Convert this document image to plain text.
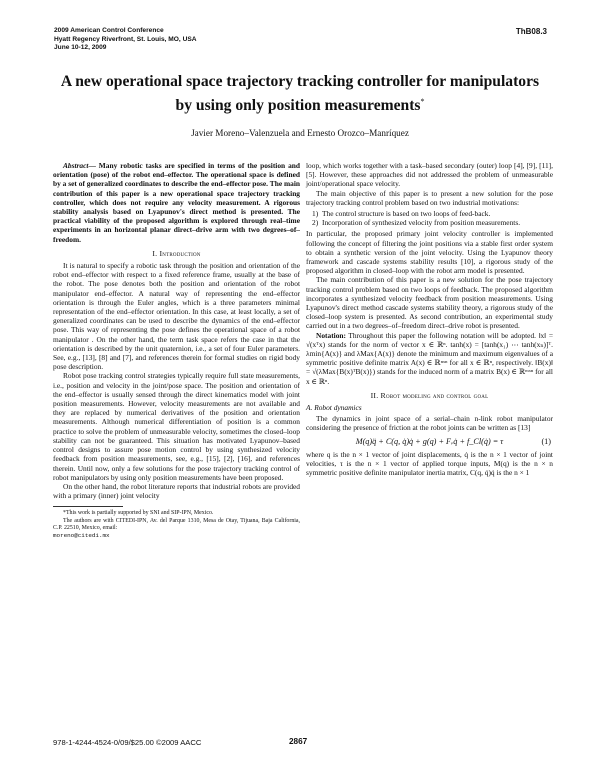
2009 American Control Conference
Hyatt Regency Riverfront, St. Louis, MO, USA
June 10-12, 2009
ThB08.3
A new operational space trajectory tracking controller for manipulators
by using only position measurements*
Javier Moreno–Valenzuela and Ernesto Orozco–Manríquez

Abstract— Many robotic tasks are specified in terms of the position and orientation (pose) of the robot end–effector. The operational space is defined by a set of generalized coordinates to describe the end–effector pose. The main contribution of this paper is a new operational space trajectory tracking controller, which does not require any velocity measurement. A rigorous stability analysis based on Lyapunov's direct method is presented. The practical viability of the proposed algorithm is explored through real–time experiments in an horizontal planar direct–drive arm with two degrees–of–freedom.

I. Introduction

It is natural to specify a robotic task through the position and orientation of the robot end–effector with respect to a fixed reference frame, usually at the base of the robot. The pose denotes both the position and orientation of the robot manipulator end–effector. A natural way of representing the end–effector orientation is through the Euler angles, which is a three parameters minimal representation of the end–effector orientation. In this case, at least locally, a set of generalized coordinates can be used to describe the dynamics of the end–effector pose. This way of representing the pose defines the operational space of a robot manipulator . On the other hand, the term task space refers the case in that the orientation is described by the unit quaternion, i.e., a set of four Euler parameters. See, e.g., [13], [8] and [7], and references therein for formal studies on rigid body pose description.

Robot pose tracking control strategies typically require full state measurements, i.e., position and velocity in the joint/pose space. The position and orientation of the end–effector is usually sensed through the direct kinematics model with joint position measurements. However, velocity measurements are not available and they are replaced by numerical derivatives of the position and orientation measurements. Although numerical differentiation of position is a common practice to solve the problem of unmeasurable velocity, sometimes the closed–loop stability can not be guaranteed. This situation has motivated Lyapunov–based control designs to assure pose motion control by using synthesized velocity feedback from position measurements, see, e.g., [15], [2], [16], and references therein. Until now, only a few solutions for the pose trajectory tracking control of robot manipulators by using only position measurements have been proposed.

On the other hand, the robot literature reports that industrial robots are provided with a primary (inner) joint velocity

*This work is partially supported by SNI and SIP-IPN, Mexico.

The authors are with CITEDI-IPN, Av. del Parque 1310, Mesa de Otay, Tijuana, Baja California, C.P. 22510, Mexico, email:

moreno@citedi.mx

loop, which works together with a task–based secondary (outer) loop [4], [9], [11], [5]. However, these approaches did not addressed the problem of unmeasurable joint/operational space velocity.

The main objective of this paper is to present a new solution for the pose trajectory tracking control problem based on two industrial motivations:

1) The control structure is based on two loops of feed-back.
2) Incorporation of synthesized velocity from position measurements.

In particular, the proposed primary joint velocity controller is implemented following the concept of filtering the joint positions via a stable first order system to obtain a synthetic version of the joint velocity. Using the Lyapunov theory framework and cascade systems stability results [10], a rigorous study of the proposed algorithm in closed–loop with the robot arm model is presented.

The main contribution of this paper is a new solution for the pose trajectory tracking control problem based on two loops of feedback. The proposed algorithm incorporates a synthesized velocity feedback from position measurements. Using Lyapunov's direct method cascade systems stability theory, a rigorous study of the closed–loop system is presented. As second contribution, an experimental study carried out in a two degrees–of–freedom direct–drive robot is presented.

Notation: Throughout this paper the following notation will be adopted. ‖x‖ = √(xᵀx) stands for the norm of vector x ∈ ℝⁿ. tanh(x) = [tanh(x₁) ⋯ tanh(xₙ)]ᵀ. λmin{A(x)} and λMax{A(x)} denote the minimum and maximum eigenvalues of a symmetric positive definite matrix A(x) ∈ ℝⁿˣⁿ for all x ∈ ℝⁿ, respectively. ‖B(x)‖ = √(λMax{B(x)ᵀB(x)}) stands for the induced norm of a matrix B(x) ∈ ℝᵐˣⁿ for all x ∈ ℝⁿ.

II. Robot modeling and control goal
A. Robot dynamics

The dynamics in joint space of a serial–chain n-link robot manipulator considering the presence of friction at the robot joints can be written as [13]

M(q)q̈ + C(q, q̇)q̇ + g(q) + Fᵥq̇ + f_Cl(q̇) = τ	(1)

where q is the n × 1 vector of joint displacements, q̇ is the n × 1 vector of joint velocities, τ is the n × 1 vector of applied torque inputs, M(q) is the n × n symmetric positive definite manipulator inertia matrix, C(q, q̇)q̇ is the n × 1

978-1-4244-4524-0/09/$25.00 ©2009 AACC	2867
